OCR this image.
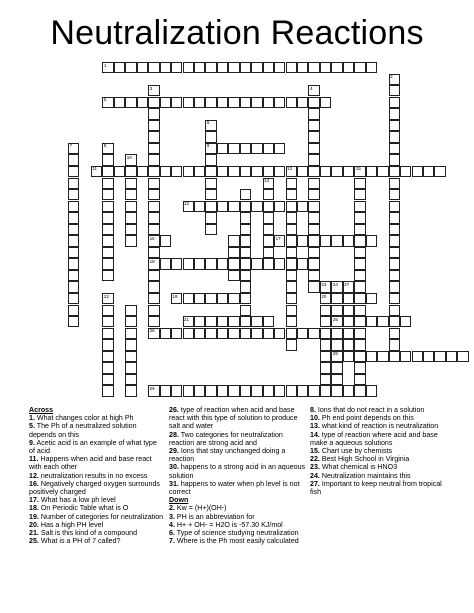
Neutralization Reactions
1
5
9
11	13	15
12
16	17
18
19	20
21	25
26
28
29
2
3	4
6
7	8
10
14
22
23 24 27
Across
1. What changes color at high Ph
5. The Ph of a neutralized solution depends on this
9. Acetic acid is an example of what type of acid
11. Happens when acid and base react with each other
12. neutralization results in no excess
16. Negatively charged oxygen surrounds positively charged
17. What has a low ph level
18. On Periodic Table what is O
19. Number of categories for neutralization
20. Has a high PH level
21. Salt is this kind of a compound
25. What is a PH of 7 called?
26. type of reaction when acid and base react with this type of solution to produce salt and water
28. Two categories for neutralization reaction are strong acid and
29. Ions that stay unchanged doing a reaction
30. happens to a strong acid in an aqueous solution
31. happens to water when ph level is not correct
Down
2. Kw = (H+)(OH-)
3. PH is an abbreviation for
4. H+ + OH- = H2O is -57.30 KJ/mol
6. Type of science studying neutralization
7. Where is the Ph most easily calculated
8. Ions that do not react in a solution
10. Ph end point depends on this
13. what kind of reaction is neutralization
14. type of reaction where acid and base make a aqueous solutions
15. Chart use by chemists
22. Best High School in Virginia
23. What chemical is HNO3
24. Neutralization maintains this
27. Important to keep neutral from tropical fish
